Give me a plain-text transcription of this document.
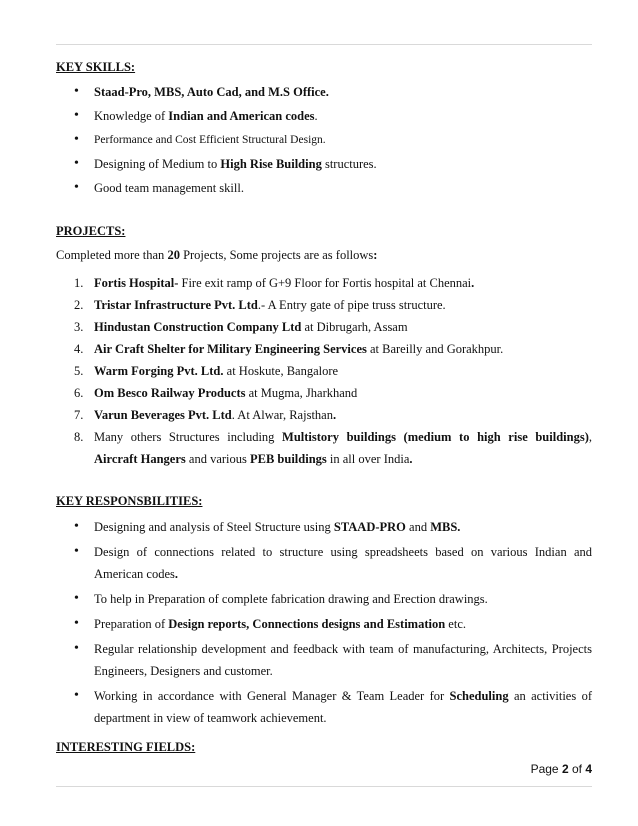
KEY SKILLS:
• Staad-Pro, MBS, Auto Cad, and M.S Office.
• Knowledge of Indian and American codes.
• Performance and Cost Efficient Structural Design.
• Designing of Medium to High Rise Building structures.
• Good team management skill.
PROJECTS:
Completed more than 20 Projects, Some projects are as follows:
1. Fortis Hospital- Fire exit ramp of G+9 Floor for Fortis hospital at Chennai.
2. Tristar Infrastructure Pvt. Ltd.- A Entry gate of pipe truss structure.
3. Hindustan Construction Company Ltd at Dibrugarh, Assam
4. Air Craft Shelter for Military Engineering Services at Bareilly and Gorakhpur.
5. Warm Forging Pvt. Ltd. at Hoskute, Bangalore
6. Om Besco Railway Products at Mugma, Jharkhand
7. Varun Beverages Pvt. Ltd. At Alwar, Rajsthan.
8. Many others Structures including Multistory buildings (medium to high rise buildings), Aircraft Hangers and various PEB buildings in all over India.
KEY RESPONSBILITIES:
• Designing and analysis of Steel Structure using STAAD-PRO and MBS.
• Design of connections related to structure using spreadsheets based on various Indian and American codes.
• To help in Preparation of complete fabrication drawing and Erection drawings.
• Preparation of Design reports, Connections designs and Estimation etc.
• Regular relationship development and feedback with team of manufacturing, Architects, Projects Engineers, Designers and customer.
• Working in accordance with General Manager & Team Leader for Scheduling an activities of department in view of teamwork achievement.
INTERESTING FIELDS:
Page 2 of 4
